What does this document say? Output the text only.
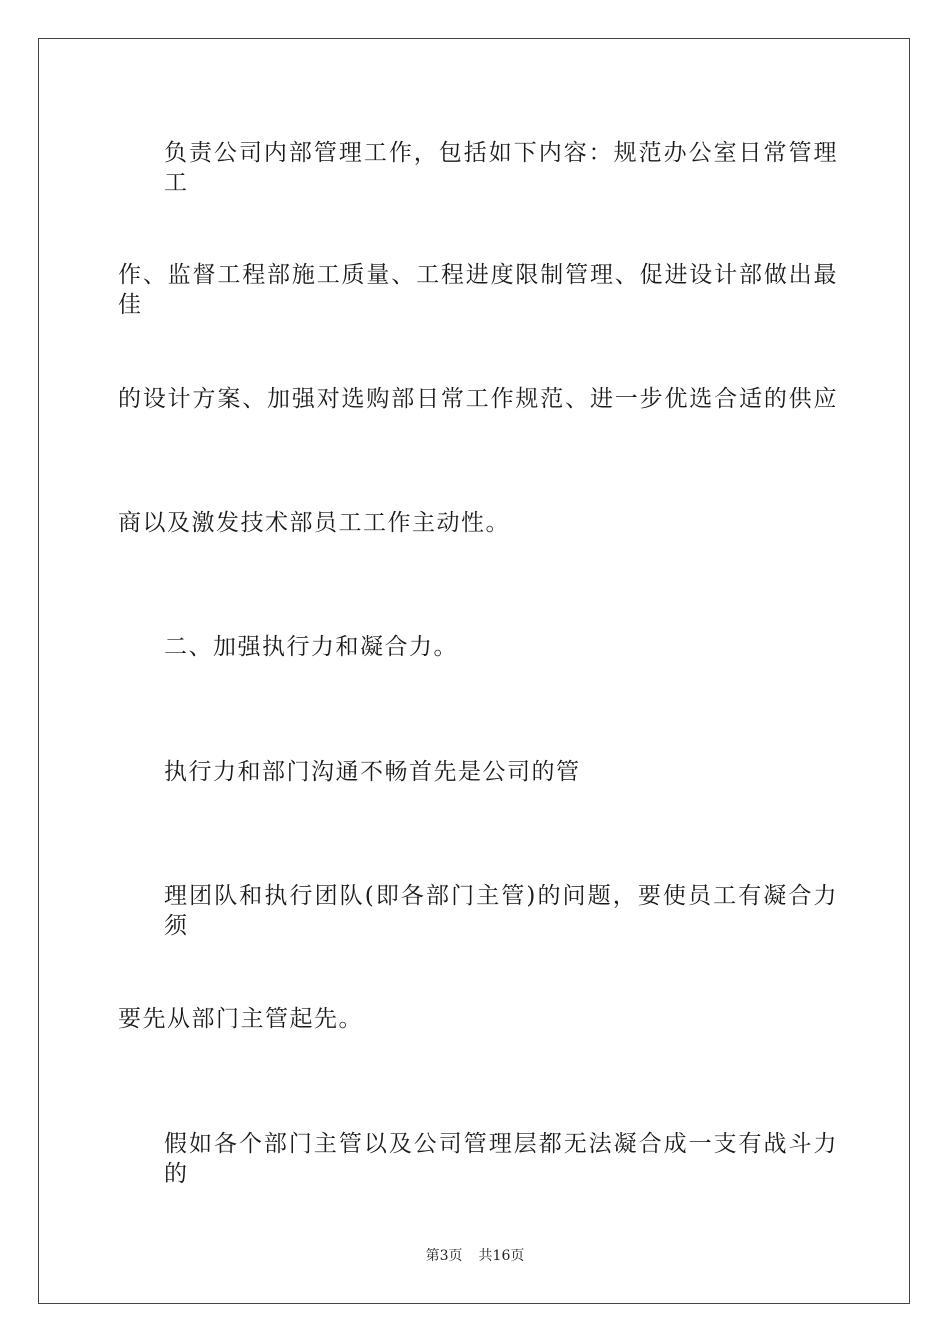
负责公司内部管理工作，包括如下内容：规范办公室日常管理工
作、监督工程部施工质量、工程进度限制管理、促进设计部做出最佳
的设计方案、加强对选购部日常工作规范、进一步优选合适的供应
商以及激发技术部员工工作主动性。
二、加强执行力和凝合力。
执行力和部门沟通不畅首先是公司的管
理团队和执行团队(即各部门主管)的问题，要使员工有凝合力须
要先从部门主管起先。
假如各个部门主管以及公司管理层都无法凝合成一支有战斗力的
第3页 共16页
